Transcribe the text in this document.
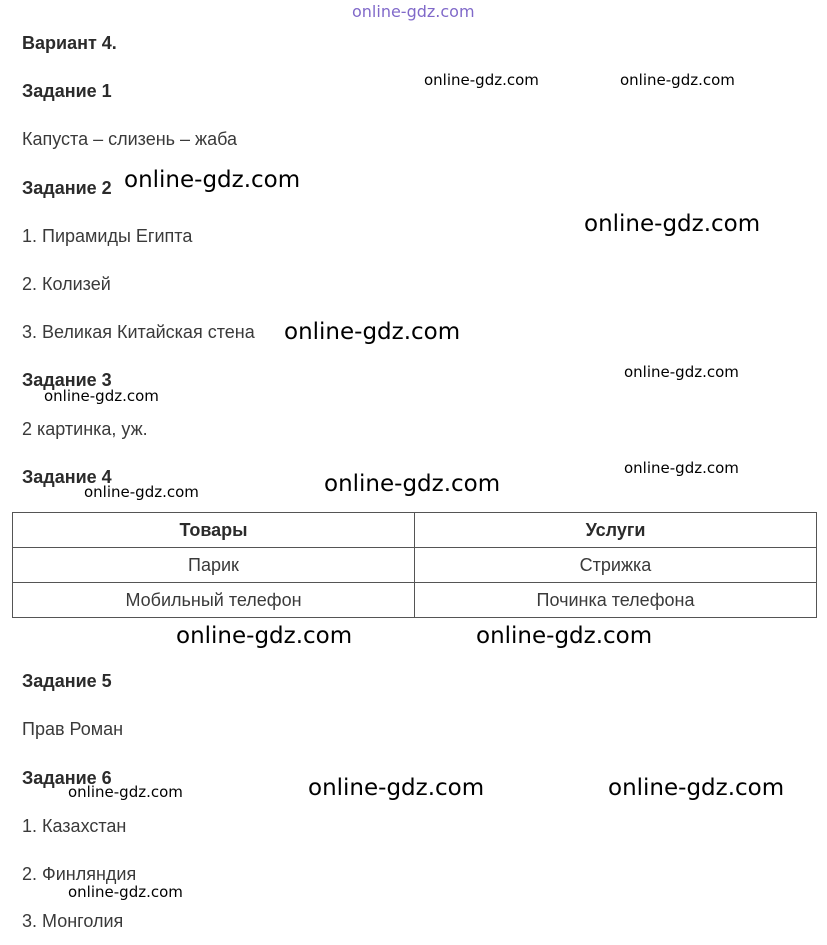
online-gdz.com
Вариант 4.
Задание 1
Капуста – слизень – жаба
Задание 2
1. Пирамиды Египта
2. Колизей
3. Великая Китайская стена
Задание 3
2 картинка, уж.
Задание 4
Товары	Услуги
Парик	Стрижка
Мобильный телефон	Починка телефона
Задание 5
Прав Роман
Задание 6
1. Казахстан
2. Финляндия
3. Монголия
online-gdz.com	online-gdz.com
online-gdz.com
online-gdz.com
online-gdz.com
online-gdz.com
online-gdz.com
online-gdz.com
online-gdz.com
online-gdz.com
online-gdz.com	online-gdz.com
online-gdz.com	online-gdz.com
online-gdz.com
online-gdz.com
